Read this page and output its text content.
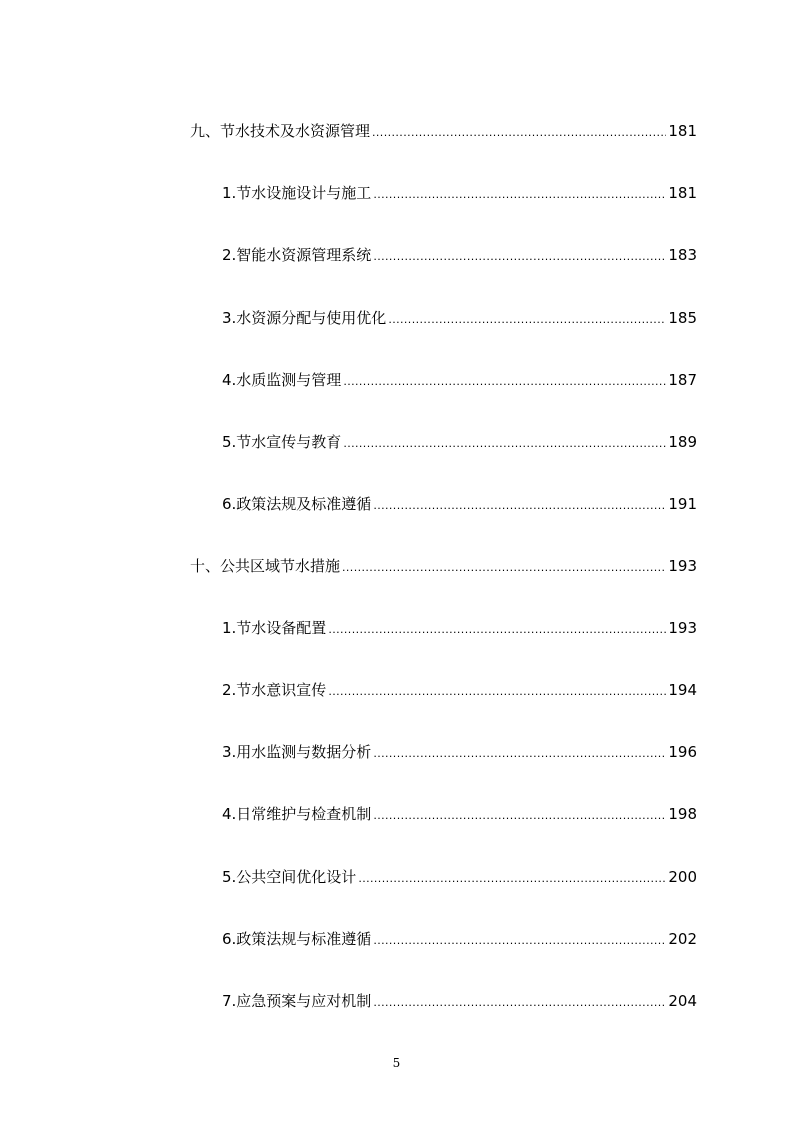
九、节水技术及水资源管理 .....	181
1.节水设施设计与施工 .....	181
2.智能水资源管理系统 .....	183
3.水资源分配与使用优化 .....	185
4.水质监测与管理 .....	187
5.节水宣传与教育 .....	189
6.政策法规及标准遵循 .....	191
十、公共区域节水措施 .....	193
1.节水设备配置 .....	193
2.节水意识宣传 .....	194
3.用水监测与数据分析 .....	196
4.日常维护与检查机制 .....	198
5.公共空间优化设计 .....	200
6.政策法规与标准遵循 .....	202
7.应急预案与应对机制 .....	204
5
